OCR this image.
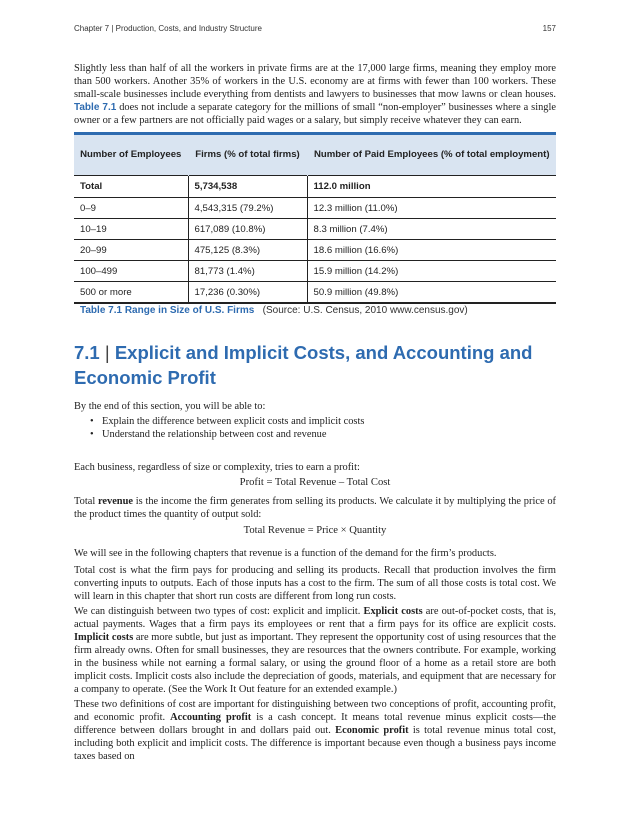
Chapter 7 | Production, Costs, and Industry Structure	157

Slightly less than half of all the workers in private firms are at the 17,000 large firms, meaning they employ more than 500 workers. Another 35% of workers in the U.S. economy are at firms with fewer than 100 workers. These small-scale businesses include everything from dentists and lawyers to businesses that mow lawns or clean houses. Table 7.1 does not include a separate category for the millions of small “non-employer” businesses where a single owner or a few partners are not officially paid wages or a salary, but simply receive whatever they can earn.

Number of Employees	Firms (% of total firms)	Number of Paid Employees (% of total employment)
Total	5,734,538	112.0 million
0–9	4,543,315 (79.2%)	12.3 million (11.0%)
10–19	617,089 (10.8%)	8.3 million (7.4%)
20–99	475,125 (8.3%)	18.6 million (16.6%)
100–499	81,773 (1.4%)	15.9 million (14.2%)
500 or more	17,236 (0.30%)	50.9 million (49.8%)
Table 7.1 Range in Size of U.S. Firms (Source: U.S. Census, 2010 www.census.gov)
7.1 | Explicit and Implicit Costs, and Accounting and Economic Profit

By the end of this section, you will be able to:

• Explain the difference between explicit costs and implicit costs
• Understand the relationship between cost and revenue

Each business, regardless of size or complexity, tries to earn a profit:

Profit = Total Revenue – Total Cost

Total revenue is the income the firm generates from selling its products. We calculate it by multiplying the price of the product times the quantity of output sold:

Total Revenue = Price × Quantity

We will see in the following chapters that revenue is a function of the demand for the firm’s products.

Total cost is what the firm pays for producing and selling its products. Recall that production involves the firm converting inputs to outputs. Each of those inputs has a cost to the firm. The sum of all those costs is total cost. We will learn in this chapter that short run costs are different from long run costs.

We can distinguish between two types of cost: explicit and implicit. Explicit costs are out-of-pocket costs, that is, actual payments. Wages that a firm pays its employees or rent that a firm pays for its office are explicit costs. Implicit costs are more subtle, but just as important. They represent the opportunity cost of using resources that the firm already owns. Often for small businesses, they are resources that the owners contribute. For example, working in the business while not earning a formal salary, or using the ground floor of a home as a retail store are both implicit costs. Implicit costs also include the depreciation of goods, materials, and equipment that are necessary for a company to operate. (See the Work It Out feature for an extended example.)

These two definitions of cost are important for distinguishing between two conceptions of profit, accounting profit, and economic profit. Accounting profit is a cash concept. It means total revenue minus explicit costs—the difference between dollars brought in and dollars paid out. Economic profit is total revenue minus total cost, including both explicit and implicit costs. The difference is important because even though a business pays income taxes based on
